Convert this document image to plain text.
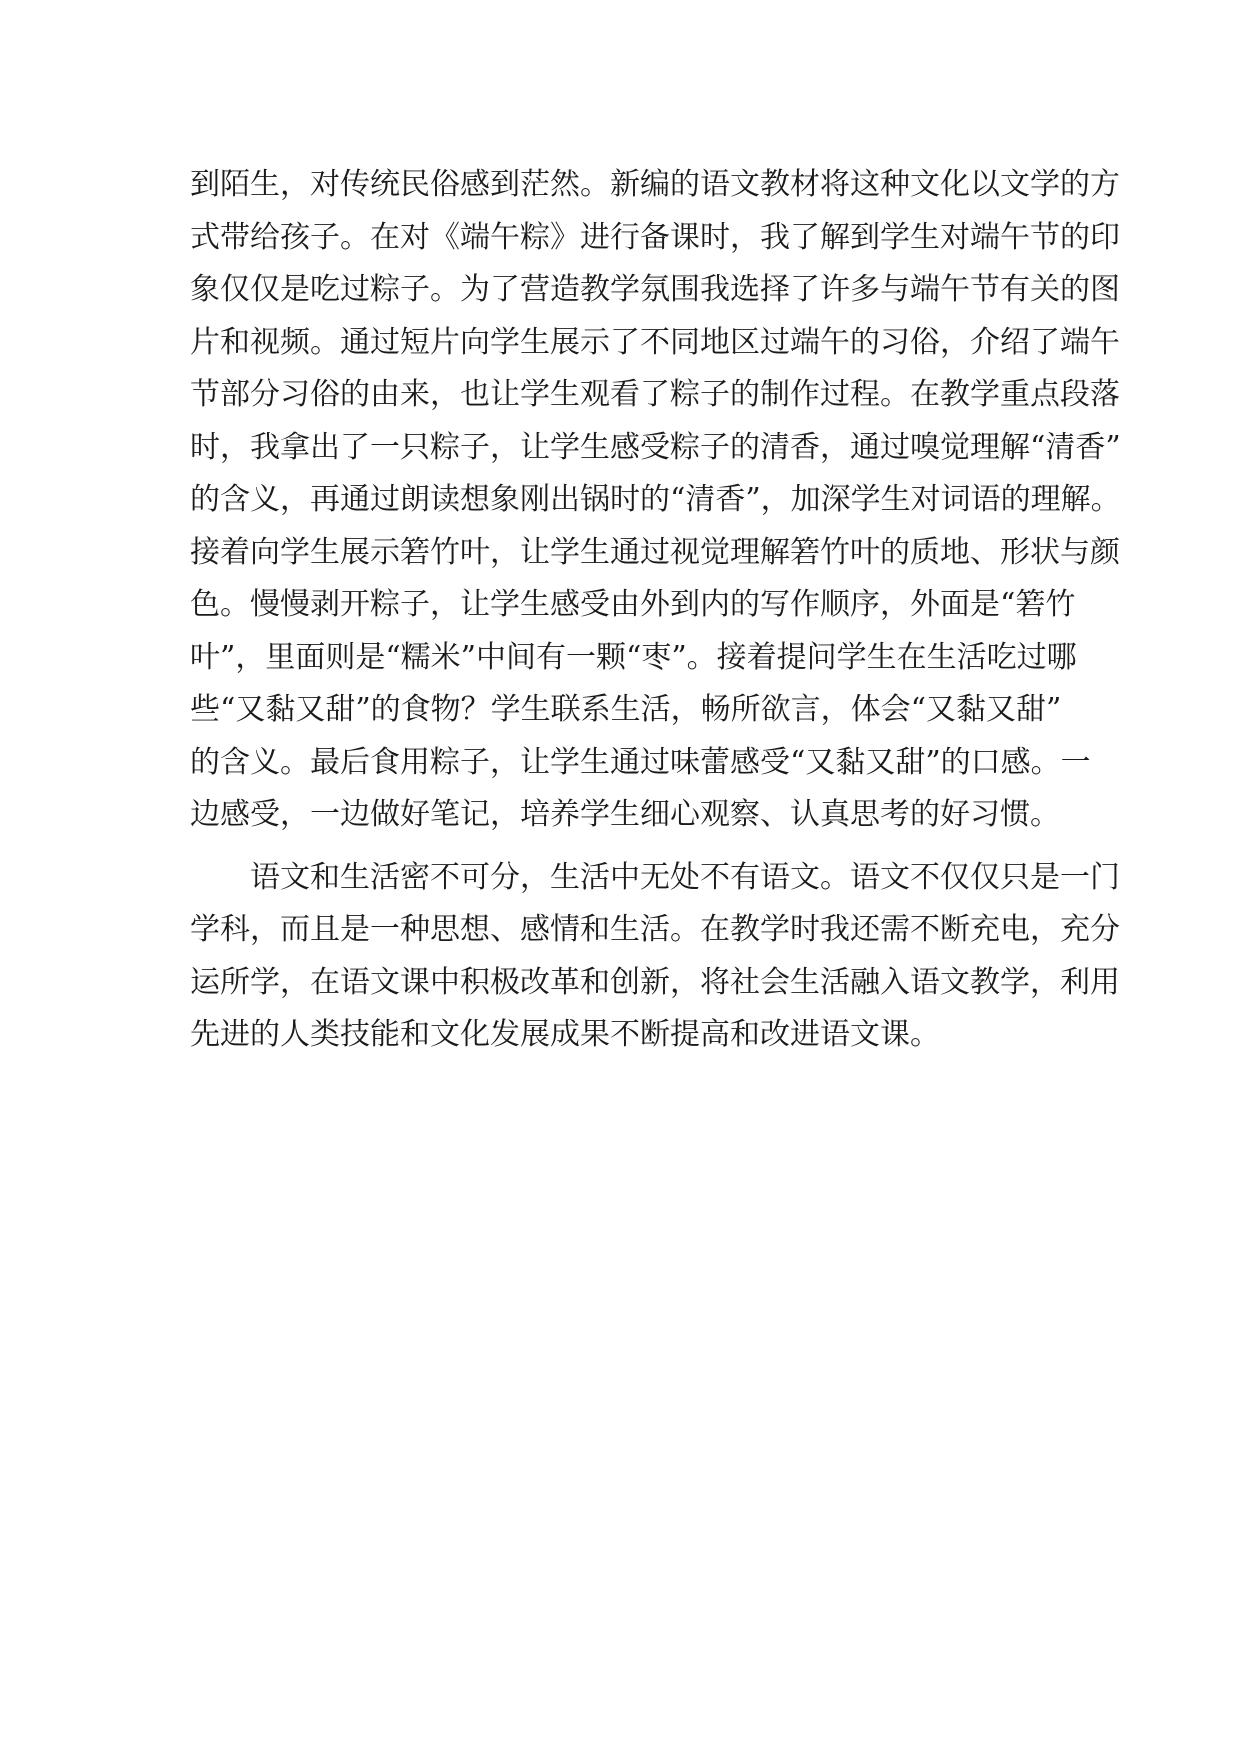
到陌生，对传统民俗感到茫然。新编的语文教材将这种文化以文学的方
式带给孩子。在对《端午粽》进行备课时，我了解到学生对端午节的印
象仅仅是吃过粽子。为了营造教学氛围我选择了许多与端午节有关的图
片和视频。通过短片向学生展示了不同地区过端午的习俗，介绍了端午
节部分习俗的由来，也让学生观看了粽子的制作过程。在教学重点段落
时，我拿出了一只粽子，让学生感受粽子的清香，通过嗅觉理解“清香”
的含义，再通过朗读想象刚出锅时的“清香”，加深学生对词语的理解。
接着向学生展示箬竹叶，让学生通过视觉理解箬竹叶的质地、形状与颜
色。慢慢剥开粽子，让学生感受由外到内的写作顺序，外面是“箬竹
叶”，里面则是“糯米”中间有一颗“枣”。接着提问学生在生活吃过哪
些“又黏又甜”的食物？学生联系生活，畅所欲言，体会“又黏又甜”
的含义。最后食用粽子，让学生通过味蕾感受“又黏又甜”的口感。一
边感受，一边做好笔记，培养学生细心观察、认真思考的好习惯。
语文和生活密不可分，生活中无处不有语文。语文不仅仅只是一门
学科，而且是一种思想、感情和生活。在教学时我还需不断充电，充分
运所学，在语文课中积极改革和创新，将社会生活融入语文教学，利用
先进的人类技能和文化发展成果不断提高和改进语文课。
